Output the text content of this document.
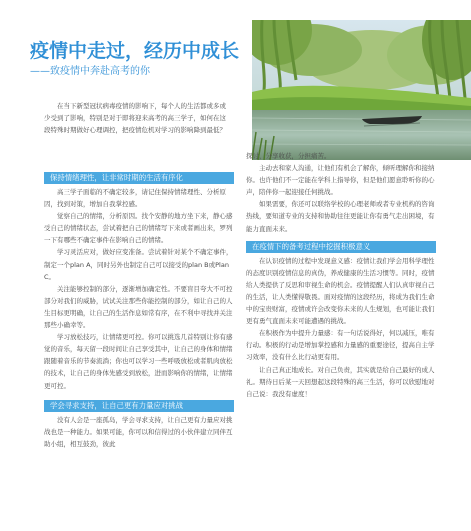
疫情中走过，经历中成长
——致疫情中奔赴高考的你

在当下新型冠状病毒疫情的影响下，每个人的生活都或多或少受到了影响，特别是对于即将迎来高考的高三学子，如何在这段特殊时期做好心理调控，把疫情危机对学习的影响降到最低？

保持情绪理性，让非常时期的生活有序化

高三学子面临的不确定较多，请记住保持情绪理性、分析原因，找到对策，增加自我掌控感。

觉察自己的情绪，分析原因。找个安静的地方坐下来，静心感受自己的情绪状态，尝试着把自己的情绪写下来或者画出来，罗列一下有哪些不确定事件在影响自己的情绪。

学习灵活应对，做好应变准备。尝试着针对某个不确定事件，制定一个plan A，同时另外也制定自己可以接受的plan B或Plan C。

关注能够控制的部分，逐渐增加确定性。不要盲目夸大不可控部分对我们的威胁，试试关注那些你能控制的部分，如让自己的人生目标更明确，让自己的生活作息如常有序，在不利中寻找并关注那些小确幸等。

学习放松技巧，让情绪更可控。你可以挑选几首特别让你有感觉的音乐，每天留一段时间让自己享受其中，让自己的身体和情绪跟随着音乐的节奏流淌；你也可以学习一些呼吸放松或者肌肉放松的技术，让自己的身体先感受到放松，进而影响你的情绪，让情绪更可控。

学会寻求支持，让自己更有力量应对挑战

没有人会是一座孤岛，学会寻求支持，让自己更有力量应对挑战也是一种能力。如果可能，你可以和信得过的小伙伴建立同伴互助小组，相互鼓劲，彼此

探讨，分享收获，分担痛苦。

主动去和家人沟通，让他们有机会了解你，倾听理解你和接纳你。也许他们不一定能在学科上指导你，但是他们愿意聆听你的心声，陪伴你一起迎接任何挑战。

如果需要，你还可以联络学校的心理老师或者专业机构的咨询热线，要知道专业的支持和协助往往更能让你有勇气走出困境，有能力直面未来。

在疫情下的备考过程中挖掘积极意义

在认识疫情的过程中发现意义感：疫情让我们学会用科学理性的态度识别疫情信息的真伪，养成健康的生活习惯等。同时，疫情给人类提供了反思和审视生命的机会。疫情提醒人们认真审视自己的生活，让人类懂得敬畏。面对疫情的这段经历，将成为我们生命中的宝贵财富，疫情或许会改变你未来的人生规划，也可能让我们更有勇气直面未来可能遭遇的挑战。

在积极作为中提升力量感：有一句话说得好，何以减压，唯有行动。积极的行动是增加掌控感和力量感的重要途径，提高自主学习效率，没有什么比行动更有用。

让自己真正地成长。对自己负责，其实就是给自己最好的成人礼。期待日后某一天回想起这段特殊的高三生活，你可以欣慰地对自己说：我没有虚度！
